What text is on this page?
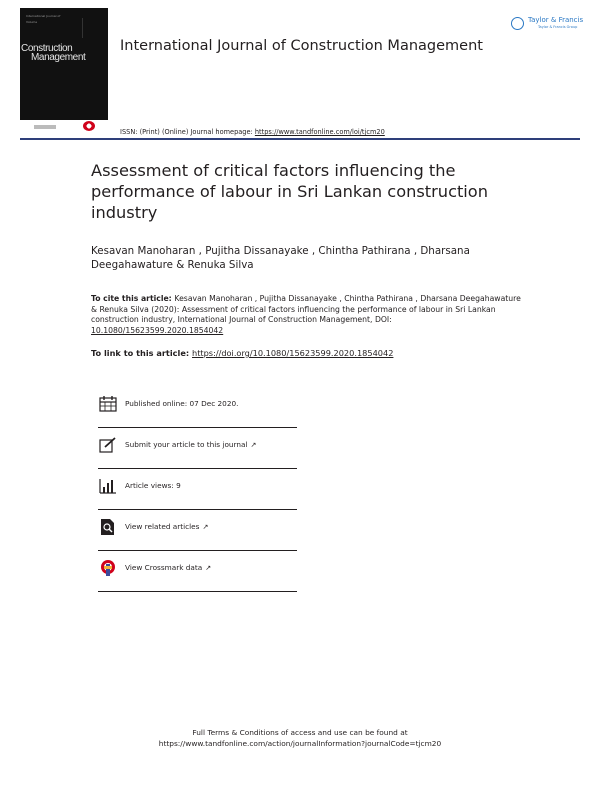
International Journal of
Volume
Construction
Management

International Journal of Construction Management
ISSN: (Print) (Online) Journal homepage: https://www.tandfonline.com/loi/tjcm20
Taylor & Francis
Taylor & Francis Group
Assessment of critical factors influencing the performance of labour in Sri Lankan construction industry
Kesavan Manoharan , Pujitha Dissanayake , Chintha Pathirana , Dharsana Deegahawature & Renuka Silva
To cite this article: Kesavan Manoharan , Pujitha Dissanayake , Chintha Pathirana , Dharsana Deegahawature & Renuka Silva (2020): Assessment of critical factors influencing the performance of labour in Sri Lankan construction industry, International Journal of Construction Management, DOI: 10.1080/15623599.2020.1854042
To link to this article: https://doi.org/10.1080/15623599.2020.1854042
Published online: 07 Dec 2020.
Submit your article to this journal ↗
Article views: 9
View related articles ↗
View Crossmark data ↗
Full Terms & Conditions of access and use can be found at
https://www.tandfonline.com/action/journalInformation?journalCode=tjcm20
